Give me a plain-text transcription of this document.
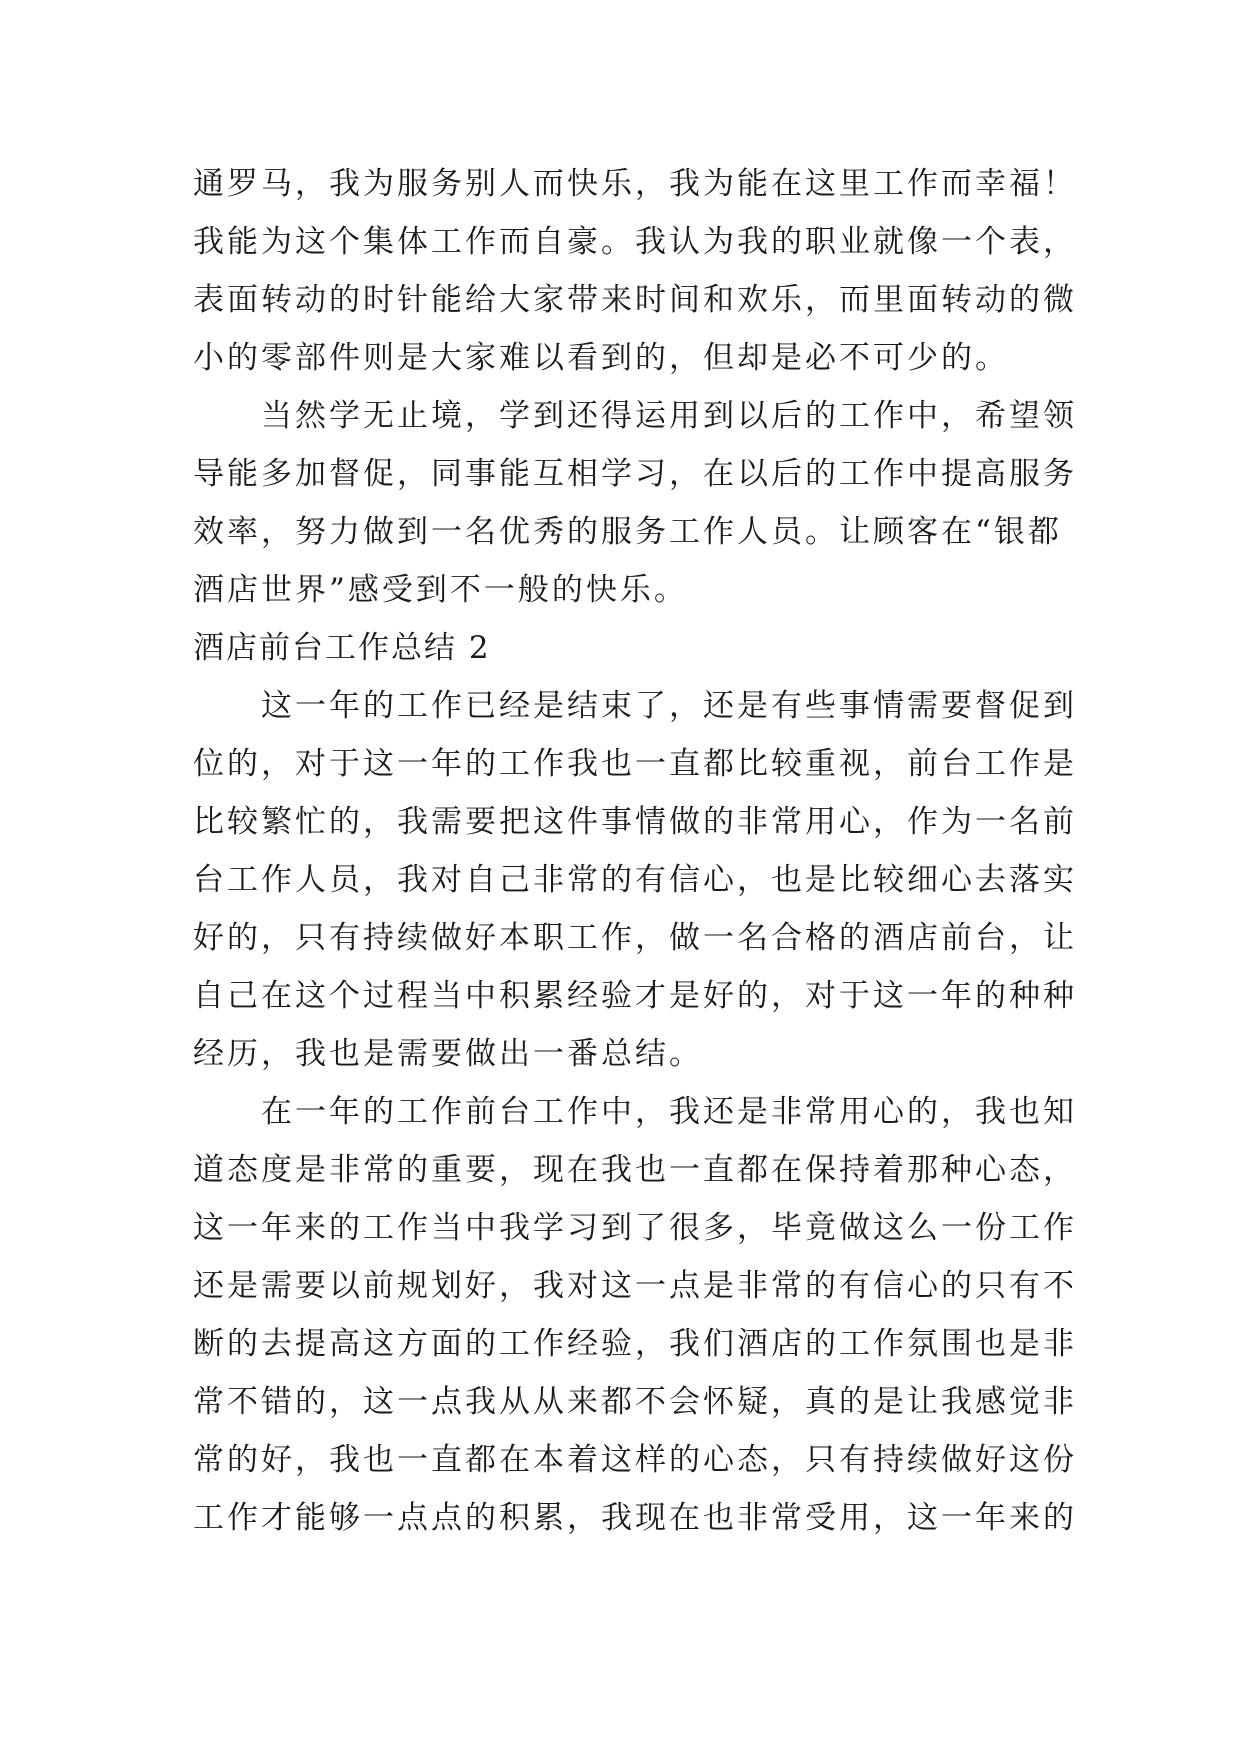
通罗马，我为服务别人而快乐，我为能在这里工作而幸福！
我能为这个集体工作而自豪。我认为我的职业就像一个表，
表面转动的时针能给大家带来时间和欢乐，而里面转动的微
小的零部件则是大家难以看到的，但却是必不可少的。
当然学无止境，学到还得运用到以后的工作中，希望领
导能多加督促，同事能互相学习，在以后的工作中提高服务
效率，努力做到一名优秀的服务工作人员。让顾客在“银都
酒店世界”感受到不一般的快乐。
酒店前台工作总结 2
这一年的工作已经是结束了，还是有些事情需要督促到
位的，对于这一年的工作我也一直都比较重视，前台工作是
比较繁忙的，我需要把这件事情做的非常用心，作为一名前
台工作人员，我对自己非常的有信心，也是比较细心去落实
好的，只有持续做好本职工作，做一名合格的酒店前台，让
自己在这个过程当中积累经验才是好的，对于这一年的种种
经历，我也是需要做出一番总结。
在一年的工作前台工作中，我还是非常用心的，我也知
道态度是非常的重要，现在我也一直都在保持着那种心态，
这一年来的工作当中我学习到了很多，毕竟做这么一份工作
还是需要以前规划好，我对这一点是非常的有信心的只有不
断的去提高这方面的工作经验，我们酒店的工作氛围也是非
常不错的，这一点我从从来都不会怀疑，真的是让我感觉非
常的好，我也一直都在本着这样的心态，只有持续做好这份
工作才能够一点点的积累，我现在也非常受用，这一年来的
